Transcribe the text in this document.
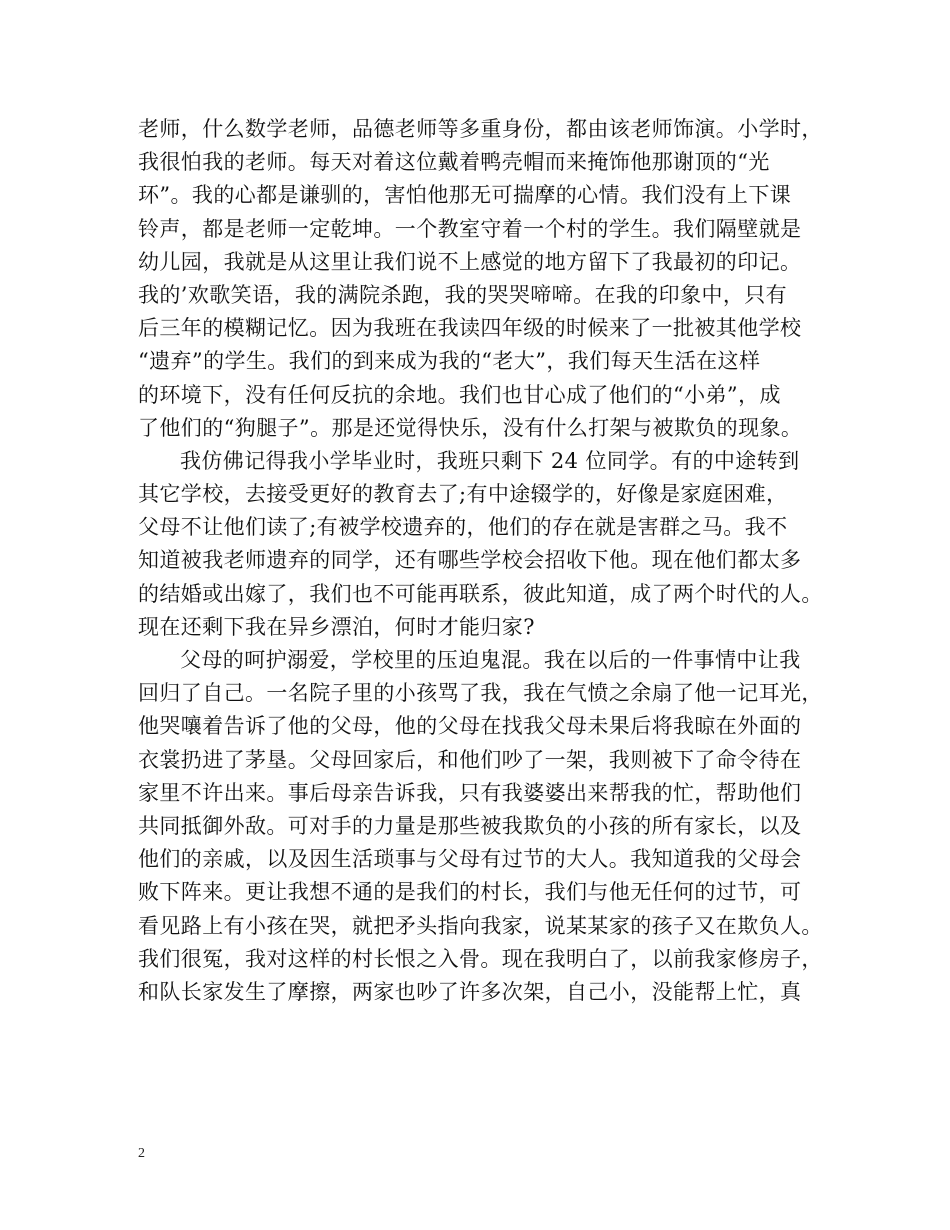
老师，什么数学老师，品德老师等多重身份，都由该老师饰演。小学时，
我很怕我的老师。每天对着这位戴着鸭壳帽而来掩饰他那谢顶的“光
环”。我的心都是谦驯的，害怕他那无可揣摩的心情。我们没有上下课
铃声，都是老师一定乾坤。一个教室守着一个村的学生。我们隔壁就是
幼儿园，我就是从这里让我们说不上感觉的地方留下了我最初的印记。
我的’欢歌笑语，我的满院杀跑，我的哭哭啼啼。在我的印象中，只有
后三年的模糊记忆。因为我班在我读四年级的时候来了一批被其他学校
“遗弃”的学生。我们的到来成为我的“老大”，我们每天生活在这样
的环境下，没有任何反抗的余地。我们也甘心成了他们的“小弟”，成
了他们的“狗腿子”。那是还觉得快乐，没有什么打架与被欺负的现象。
我仿佛记得我小学毕业时，我班只剩下 24 位同学。有的中途转到
其它学校，去接受更好的教育去了;有中途辍学的，好像是家庭困难，
父母不让他们读了;有被学校遗弃的，他们的存在就是害群之马。我不
知道被我老师遗弃的同学，还有哪些学校会招收下他。现在他们都太多
的结婚或出嫁了，我们也不可能再联系，彼此知道，成了两个时代的人。
现在还剩下我在异乡漂泊，何时才能归家?
父母的呵护溺爱，学校里的压迫鬼混。我在以后的一件事情中让我
回归了自己。一名院子里的小孩骂了我，我在气愤之余扇了他一记耳光，
他哭嚷着告诉了他的父母，他的父母在找我父母未果后将我晾在外面的
衣裳扔进了茅垦。父母回家后，和他们吵了一架，我则被下了命令待在
家里不许出来。事后母亲告诉我，只有我婆婆出来帮我的忙，帮助他们
共同抵御外敌。可对手的力量是那些被我欺负的小孩的所有家长，以及
他们的亲戚，以及因生活琐事与父母有过节的大人。我知道我的父母会
败下阵来。更让我想不通的是我们的村长，我们与他无任何的过节，可
看见路上有小孩在哭，就把矛头指向我家，说某某家的孩子又在欺负人。
我们很冤，我对这样的村长恨之入骨。现在我明白了，以前我家修房子，
和队长家发生了摩擦，两家也吵了许多次架，自己小，没能帮上忙，真
2
